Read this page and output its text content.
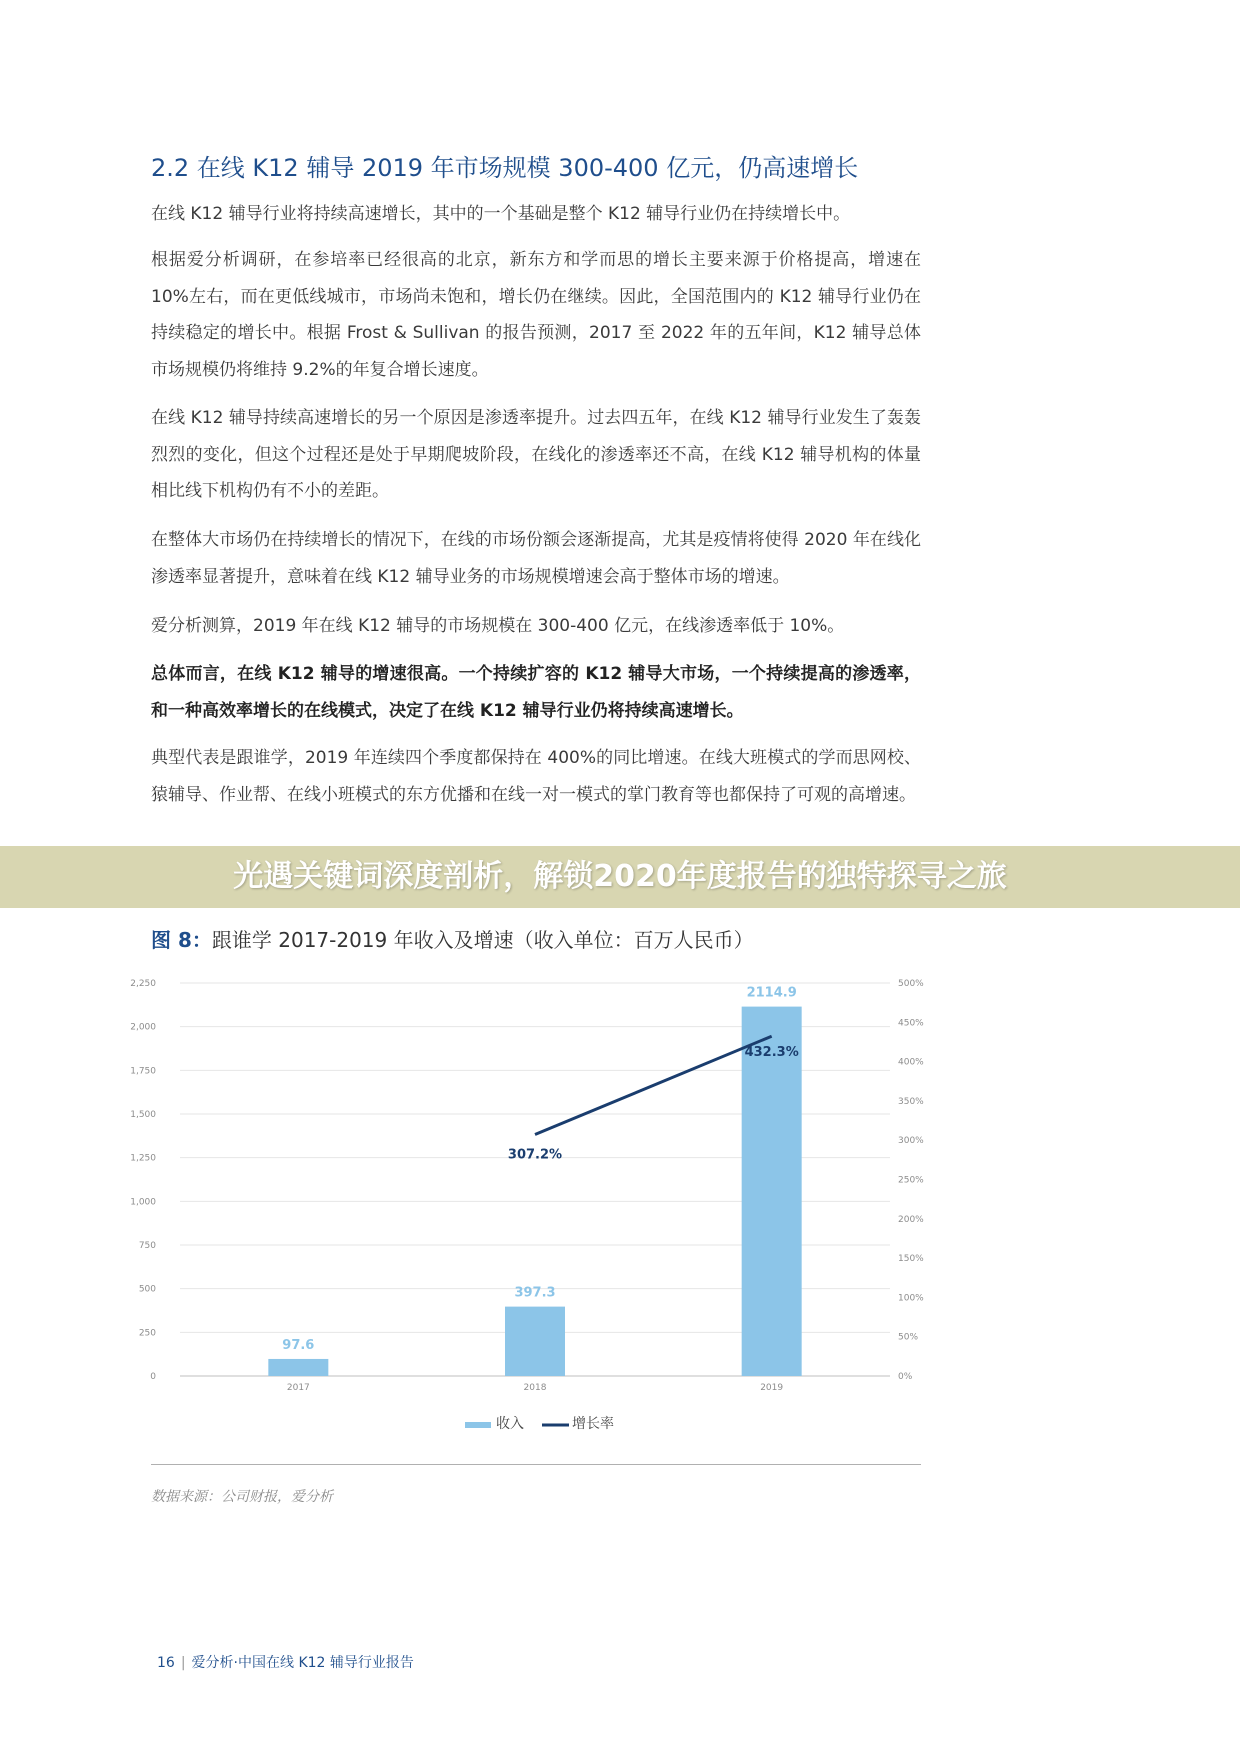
2.2 在线 K12 辅导 2019 年市场规模 300-400 亿元，仍高速增长

在线 K12 辅导行业将持续高速增长，其中的一个基础是整个 K12 辅导行业仍在持续增长中。

根据爱分析调研，在参培率已经很高的北京，新东方和学而思的增长主要来源于价格提高，增速在 10%左右，而在更低线城市，市场尚未饱和，增长仍在继续。因此，全国范围内的 K12 辅导行业仍在持续稳定的增长中。根据 Frost & Sullivan 的报告预测，2017 至 2022 年的五年间，K12 辅导总体市场规模仍将维持 9.2%的年复合增长速度。

在线 K12 辅导持续高速增长的另一个原因是渗透率提升。过去四五年，在线 K12 辅导行业发生了轰轰烈烈的变化，但这个过程还是处于早期爬坡阶段，在线化的渗透率还不高，在线 K12 辅导机构的体量相比线下机构仍有不小的差距。

在整体大市场仍在持续增长的情况下，在线的市场份额会逐渐提高，尤其是疫情将使得 2020 年在线化渗透率显著提升，意味着在线 K12 辅导业务的市场规模增速会高于整体市场的增速。

爱分析测算，2019 年在线 K12 辅导的市场规模在 300-400 亿元，在线渗透率低于 10%。

总体而言，在线 K12 辅导的增速很高。一个持续扩容的 K12 辅导大市场，一个持续提高的渗透率，和一种高效率增长的在线模式，决定了在线 K12 辅导行业仍将持续高速增长。

典型代表是跟谁学，2019 年连续四个季度都保持在 400%的同比增速。在线大班模式的学而思网校、猿辅导、作业帮、在线小班模式的东方优播和在线一对一模式的掌门教育等也都保持了可观的高增速。

光遇关键词深度剖析，解锁2020年度报告的独特探寻之旅
图 8：跟谁学 2017-2019 年收入及增速（收入单位：百万人民币）
0
250
500
750
1,000
1,250
1,500
1,750
2,000
2,250
0%
50%
100%
150%
200%
250%
300%
350%
400%
450%
500%
97.6
397.3
2114.9
2017	2018	2019
307.2%
432.3%
收入	增长率
数据来源：公司财报，爱分析
16 | 爱分析·中国在线 K12 辅导行业报告
